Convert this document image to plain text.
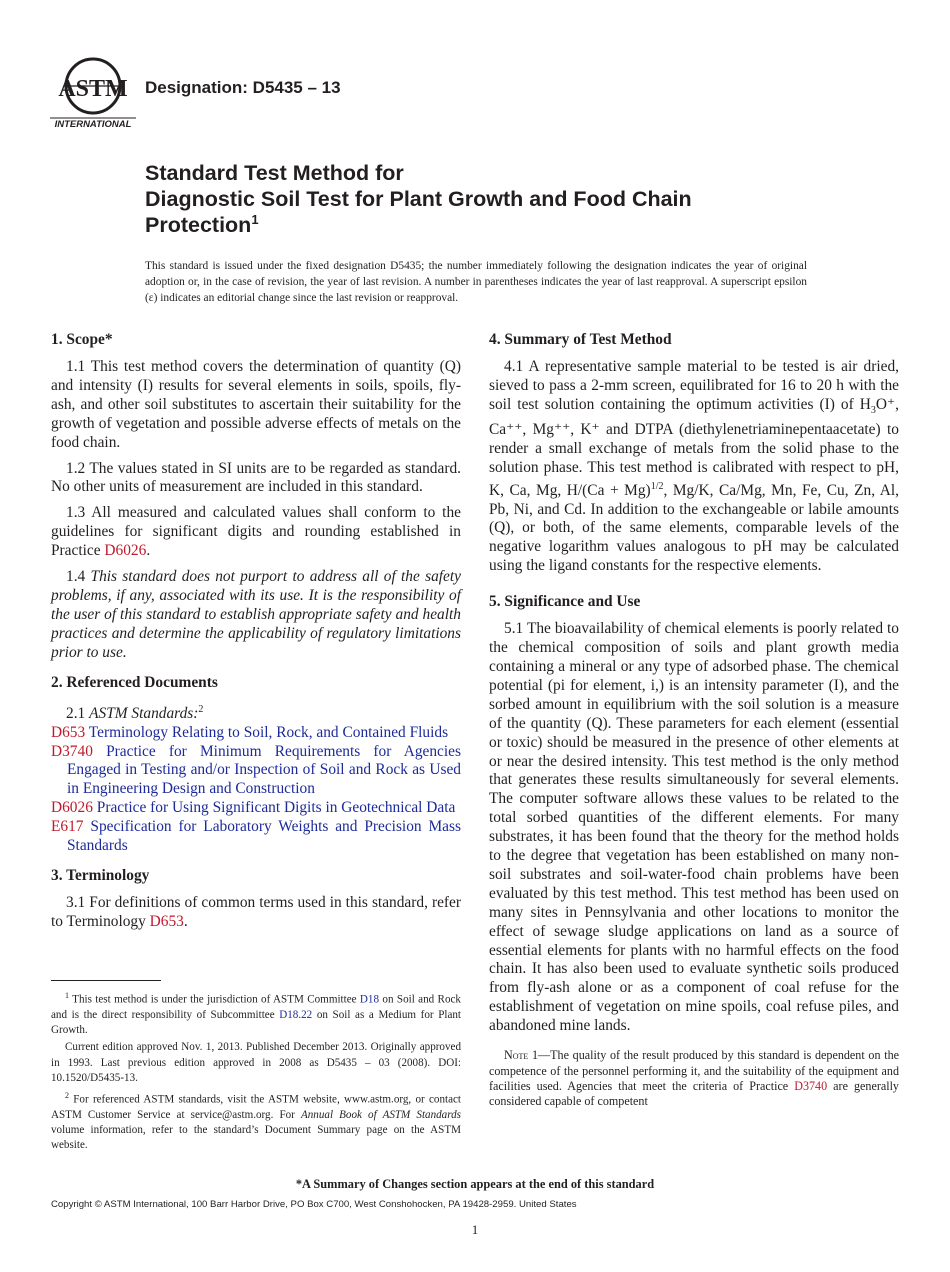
ASTM
INTERNATIONAL
Designation: D5435 – 13
Standard Test Method for
Diagnostic Soil Test for Plant Growth and Food Chain
Protection$^1$
This standard is issued under the fixed designation D5435; the number immediately following the designation indicates the year of original adoption or, in the case of revision, the year of last revision. A number in parentheses indicates the year of last reapproval. A superscript epsilon (ε) indicates an editorial change since the last revision or reapproval.
1. Scope*

1.1 This test method covers the determination of quantity (Q) and intensity (I) results for several elements in soils, spoils, fly-ash, and other soil substitutes to ascertain their suitability for the growth of vegetation and possible adverse effects of metals on the food chain.

1.2 The values stated in SI units are to be regarded as standard. No other units of measurement are included in this standard.

1.3 All measured and calculated values shall conform to the guidelines for significant digits and rounding established in Practice D6026.

1.4 This standard does not purport to address all of the safety problems, if any, associated with its use. It is the responsibility of the user of this standard to establish appropriate safety and health practices and determine the applicability of regulatory limitations prior to use.

2. Referenced Documents

2.1 ASTM Standards:$^2$

D653 Terminology Relating to Soil, Rock, and Contained Fluids

D3740 Practice for Minimum Requirements for Agencies Engaged in Testing and/or Inspection of Soil and Rock as Used in Engineering Design and Construction

D6026 Practice for Using Significant Digits in Geotechnical Data

E617 Specification for Laboratory Weights and Precision Mass Standards

3. Terminology

3.1 For definitions of common terms used in this standard, refer to Terminology D653.

$^1$ This test method is under the jurisdiction of ASTM Committee D18 on Soil and Rock and is the direct responsibility of Subcommittee D18.22 on Soil as a Medium for Plant Growth.

Current edition approved Nov. 1, 2013. Published December 2013. Originally approved in 1993. Last previous edition approved in 2008 as D5435 – 03 (2008). DOI: 10.1520/D5435-13.

$^2$ For referenced ASTM standards, visit the ASTM website, www.astm.org, or contact ASTM Customer Service at service@astm.org. For Annual Book of ASTM Standards volume information, refer to the standard’s Document Summary page on the ASTM website.

4. Summary of Test Method

4.1 A representative sample material to be tested is air dried, sieved to pass a 2-mm screen, equilibrated for 16 to 20 h with the soil test solution containing the optimum activities (I) of $H_3O^+$, Ca⁺⁺, Mg⁺⁺, K⁺ and DTPA (diethylenetriaminepentaacetate) to render a small exchange of metals from the solid phase to the solution phase. This test method is calibrated with respect to pH, K, Ca, Mg, $H/(Ca + Mg)^{1/2}$, Mg/K, Ca/Mg, Mn, Fe, Cu, Zn, Al, Pb, Ni, and Cd. In addition to the exchangeable or labile amounts (Q), or both, of the same elements, comparable levels of the negative logarithm values analogous to pH may be calculated using the ligand constants for the respective elements.

5. Significance and Use

5.1 The bioavailability of chemical elements is poorly related to the chemical composition of soils and plant growth media containing a mineral or any type of adsorbed phase. The chemical potential (pi for element, i,) is an intensity parameter (I), and the sorbed amount in equilibrium with the soil solution is a measure of the quantity (Q). These parameters for each element (essential or toxic) should be measured in the presence of other elements at or near the desired intensity. This test method is the only method that generates these results simultaneously for several elements. The computer software allows these values to be related to the total sorbed quantities of the different elements. For many substrates, it has been found that the theory for the method holds to the degree that vegetation has been established on many non-soil substrates and soil-water-food chain problems have been evaluated by this test method. This test method has been used on many sites in Pennsylvania and other locations to monitor the effect of sewage sludge applications on land as a source of essential elements for plants with no harmful effects on the food chain. It has also been used to evaluate synthetic soils produced from fly-ash alone or as a component of coal refuse for the establishment of vegetation on mine spoils, coal refuse piles, and abandoned mine lands.

Note 1—The quality of the result produced by this standard is dependent on the competence of the personnel performing it, and the suitability of the equipment and facilities used. Agencies that meet the criteria of Practice D3740 are generally considered capable of competent

*A Summary of Changes section appears at the end of this standard
Copyright © ASTM International, 100 Barr Harbor Drive, PO Box C700, West Conshohocken, PA 19428-2959. United States
1
